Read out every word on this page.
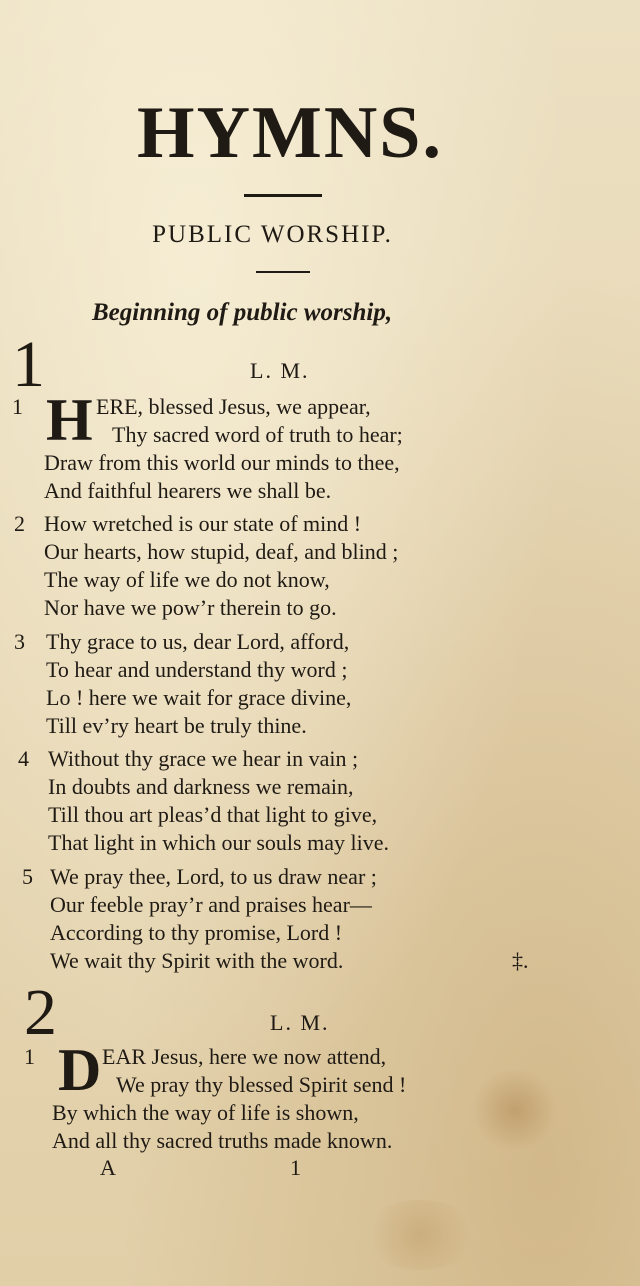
HYMNS.
PUBLIC WORSHIP.
Beginning of public worship,
1	L. M.
1 H ERE, blessed Jesus, we appear,
Thy sacred word of truth to hear;
Draw from this world our minds to thee,
And faithful hearers we shall be.
2 How wretched is our state of mind !
Our hearts, how stupid, deaf, and blind ;
The way of life we do not know,
Nor have we pow’r therein to go.
3 Thy grace to us, dear Lord, afford,
To hear and understand thy word ;
Lo ! here we wait for grace divine,
Till ev’ry heart be truly thine.
4 Without thy grace we hear in vain ;
In doubts and darkness we remain,
Till thou art pleas’d that light to give,
That light in which our souls may live.
5 We pray thee, Lord, to us draw near ;
Our feeble pray’r and praises hear—
According to thy promise, Lord !
We wait thy Spirit with the word.	‡.
2	L. M.
1 D EAR Jesus, here we now attend,
We pray thy blessed Spirit send !
By which the way of life is shown,
And all thy sacred truths made known.
A	1
